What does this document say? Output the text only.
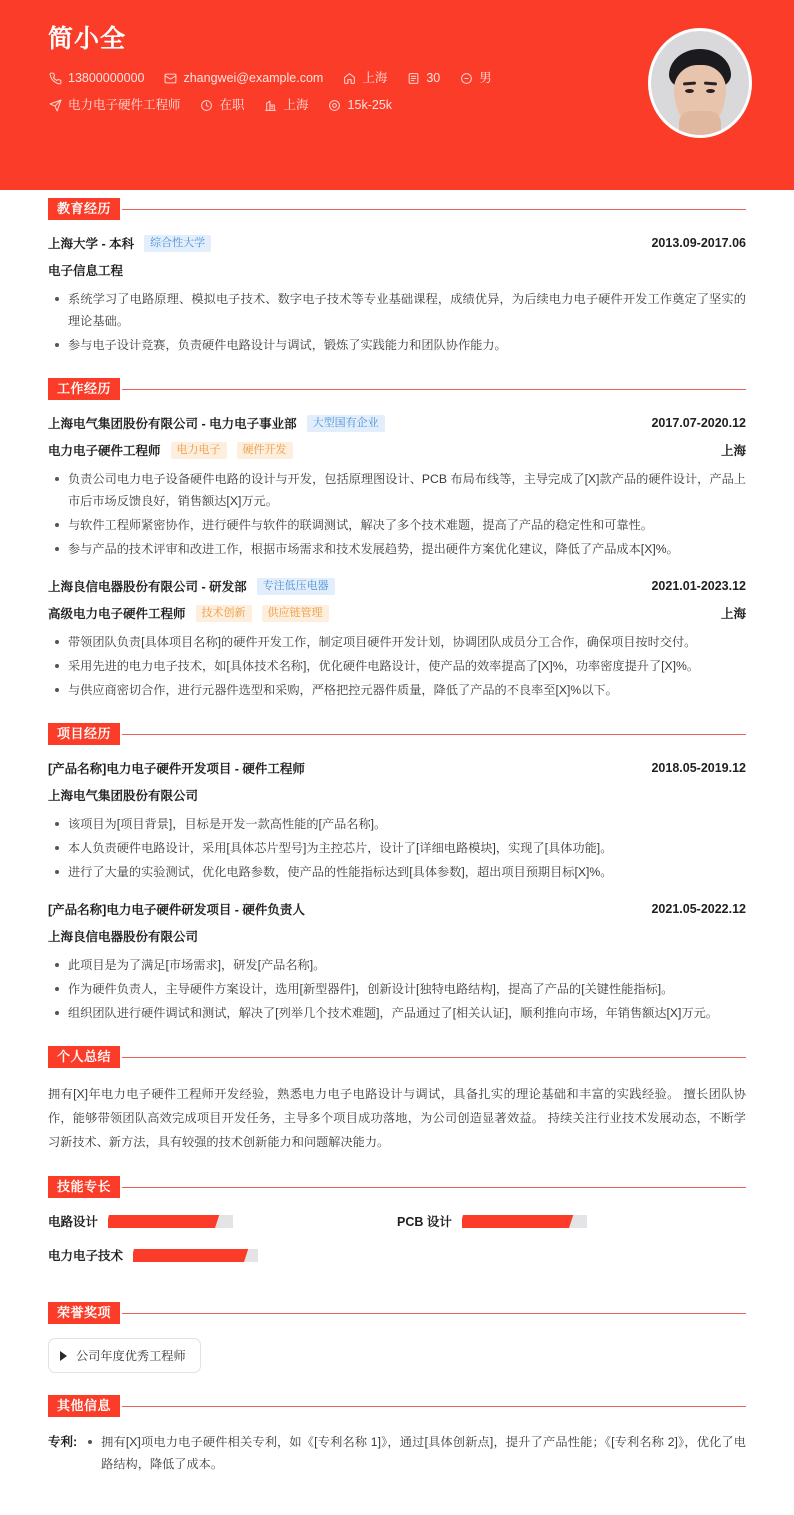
简小全
13800000000	zhangwei@example.com	上海	30	男
电力电子硬件工程师	在职	上海	15k-25k
教育经历
上海大学 - 本科	综合性大学	2013.09-2017.06
电子信息工程
系统学习了电路原理、模拟电子技术、数字电子技术等专业基础课程，成绩优异，为后续电力电子硬件开发工作奠定了坚实的理论基础。
参与电子设计竞赛，负责硬件电路设计与调试，锻炼了实践能力和团队协作能力。
工作经历
上海电气集团股份有限公司 - 电力电子事业部	大型国有企业	2017.07-2020.12
电力电子硬件工程师	电力电子	硬件开发	上海
负责公司电力电子设备硬件电路的设计与开发，包括原理图设计、PCB 布局布线等，主导完成了[X]款产品的硬件设计，产品上市后市场反馈良好，销售额达[X]万元。
与软件工程师紧密协作，进行硬件与软件的联调测试，解决了多个技术难题，提高了产品的稳定性和可靠性。
参与产品的技术评审和改进工作，根据市场需求和技术发展趋势，提出硬件方案优化建议，降低了产品成本[X]%。
上海良信电器股份有限公司 - 研发部	专注低压电器	2021.01-2023.12
高级电力电子硬件工程师	技术创新	供应链管理	上海
带领团队负责[具体项目名称]的硬件开发工作，制定项目硬件开发计划，协调团队成员分工合作，确保项目按时交付。
采用先进的电力电子技术，如[具体技术名称]，优化硬件电路设计，使产品的效率提高了[X]%，功率密度提升了[X]%。
与供应商密切合作，进行元器件选型和采购，严格把控元器件质量，降低了产品的不良率至[X]%以下。
项目经历
[产品名称]电力电子硬件开发项目 - 硬件工程师	2018.05-2019.12
上海电气集团股份有限公司
该项目为[项目背景]，目标是开发一款高性能的[产品名称]。
本人负责硬件电路设计，采用[具体芯片型号]为主控芯片，设计了[详细电路模块]，实现了[具体功能]。
进行了大量的实验测试，优化电路参数，使产品的性能指标达到[具体参数]，超出项目预期目标[X]%。
[产品名称]电力电子硬件研发项目 - 硬件负责人	2021.05-2022.12
上海良信电器股份有限公司
此项目是为了满足[市场需求]，研发[产品名称]。
作为硬件负责人，主导硬件方案设计，选用[新型器件]，创新设计[独特电路结构]，提高了产品的[关键性能指标]。
组织团队进行硬件调试和测试，解决了[列举几个技术难题]，产品通过了[相关认证]，顺利推向市场，年销售额达[X]万元。
个人总结

拥有[X]年电力电子硬件工程师开发经验，熟悉电力电子电路设计与调试，具备扎实的理论基础和丰富的实践经验。 擅长团队协作，能够带领团队高效完成项目开发任务，主导多个项目成功落地，为公司创造显著效益。 持续关注行业技术发展动态，不断学习新技术、新方法，具有较强的技术创新能力和问题解决能力。

技能专长
电路设计	PCB 设计
电力电子技术
荣誉奖项
公司年度优秀工程师
其他信息
专利:	拥有[X]项电力电子硬件相关专利，如《[专利名称 1]》，通过[具体创新点]，提升了产品性能；《[专利名称 2]》，优化了电路结构，降低了成本。
